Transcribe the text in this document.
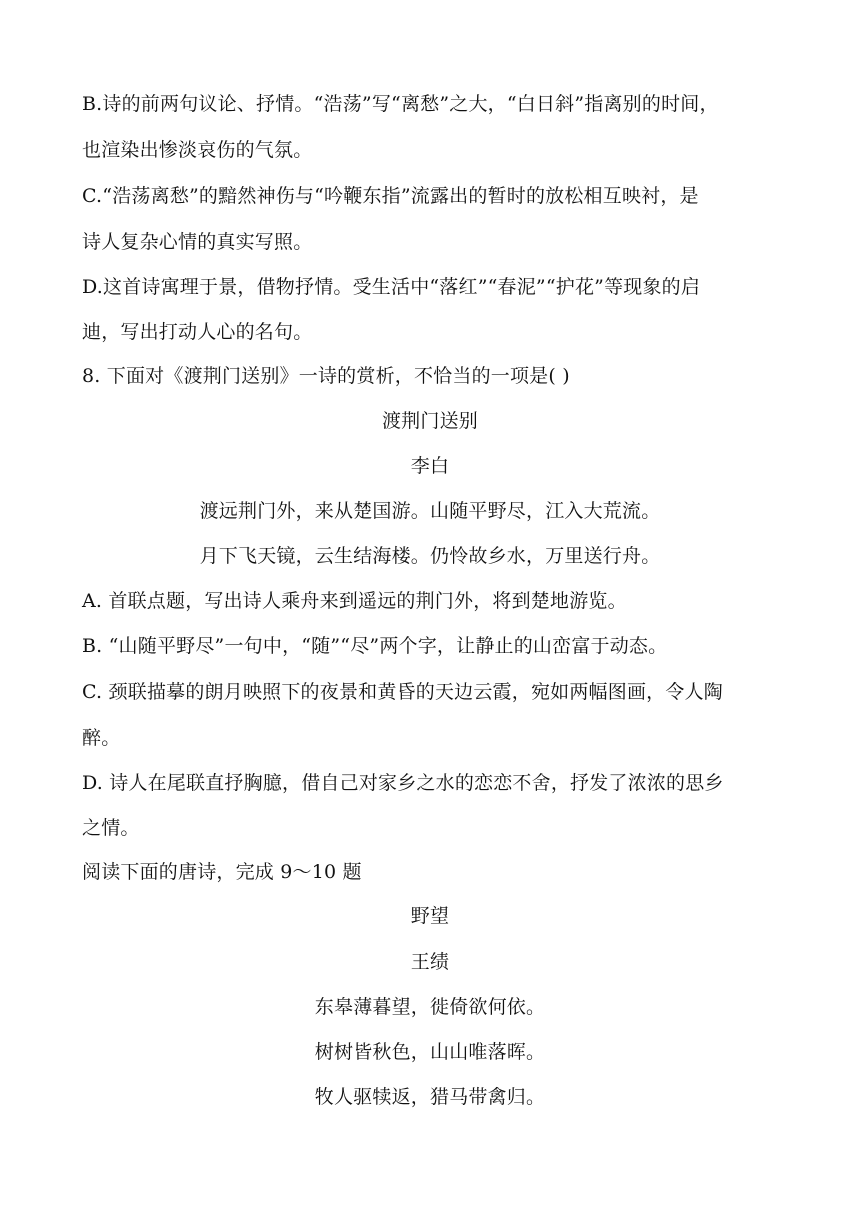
B.诗的前两句议论、抒情。“浩荡”写“离愁”之大，“白日斜”指离别的时间，
也渲染出惨淡哀伤的气氛。
C.“浩荡离愁”的黯然神伤与“吟鞭东指”流露出的暂时的放松相互映衬，是
诗人复杂心情的真实写照。
D.这首诗寓理于景，借物抒情。受生活中“落红”“春泥”“护花”等现象的启
迪，写出打动人心的名句。
8. 下面对《渡荆门送别》一诗的赏析，不恰当的一项是( )
渡荆门送别
李白
渡远荆门外，来从楚国游。山随平野尽，江入大荒流。
月下飞天镜，云生结海楼。仍怜故乡水，万里送行舟。
A. 首联点题，写出诗人乘舟来到遥远的荆门外，将到楚地游览。
B. “山随平野尽”一句中，“随”“尽”两个字，让静止的山峦富于动态。
C. 颈联描摹的朗月映照下的夜景和黄昏的天边云霞，宛如两幅图画，令人陶
醉。
D. 诗人在尾联直抒胸臆，借自己对家乡之水的恋恋不舍，抒发了浓浓的思乡
之情。
阅读下面的唐诗，完成 9～10 题
野望
王绩
东皋薄暮望，徙倚欲何依。
树树皆秋色，山山唯落晖。
牧人驱犊返，猎马带禽归。
